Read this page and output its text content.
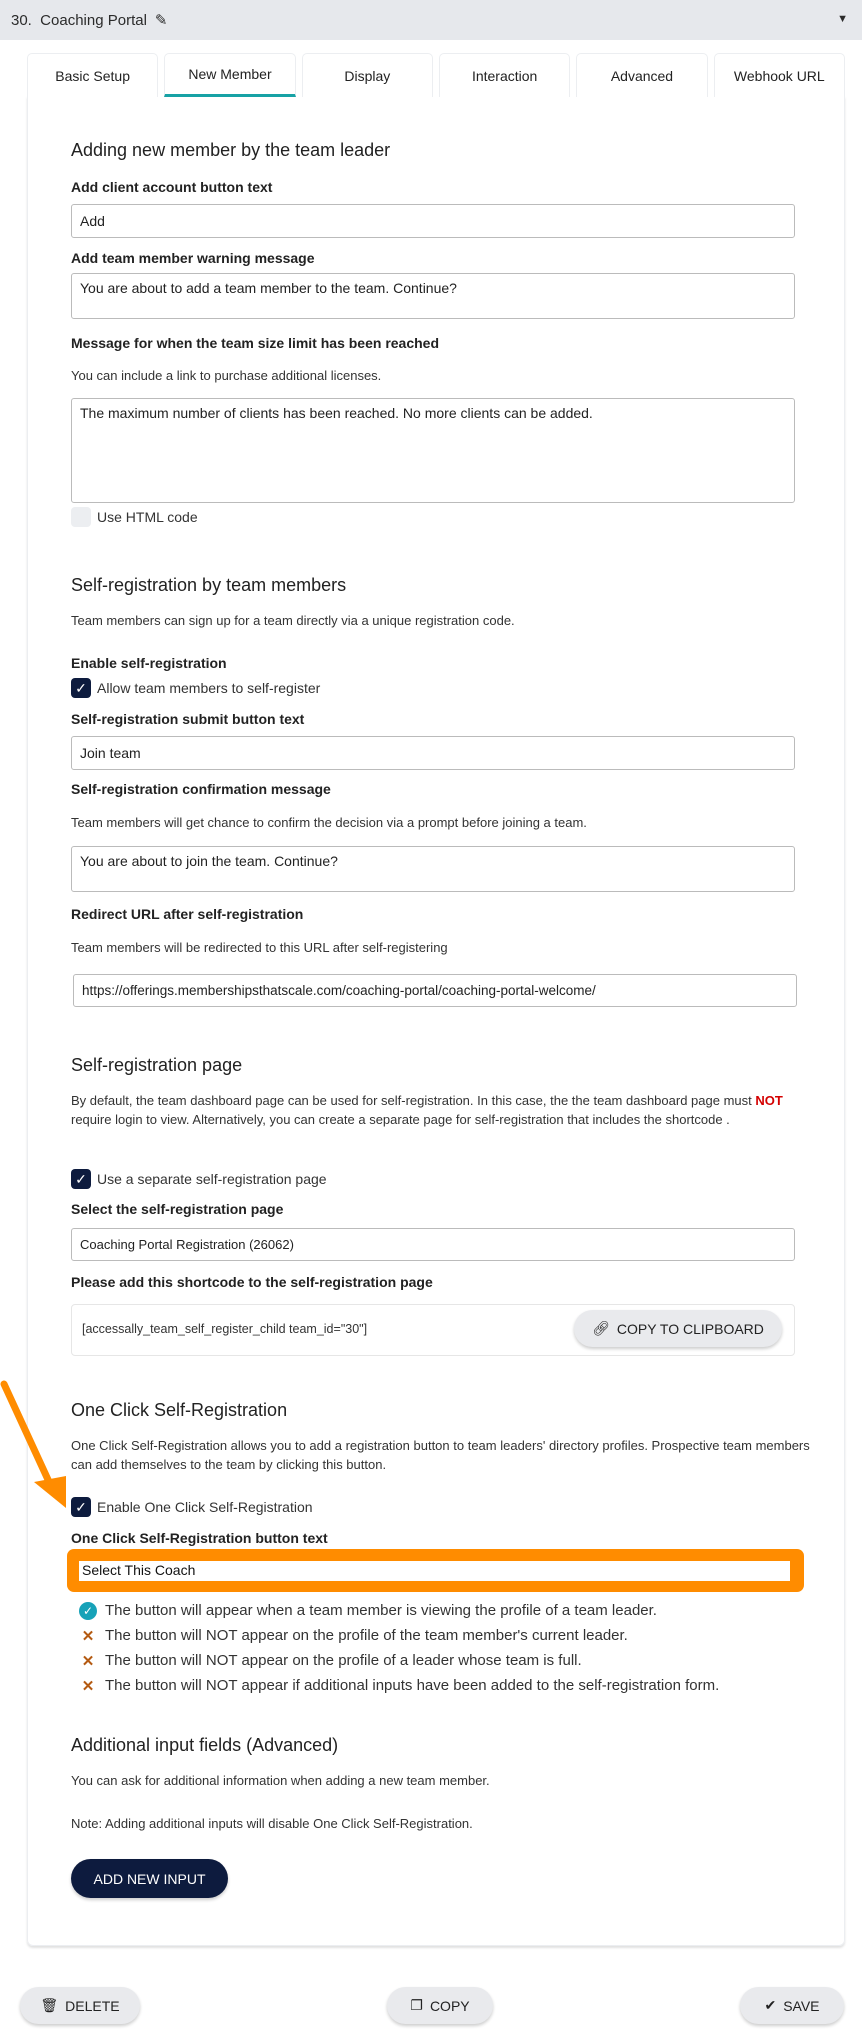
30.  Coaching Portal ✎	▼
Basic Setup	New Member	Display	Interaction	Advanced	Webhook URL
Adding new member by the team leader
Add client account button text
Add
Add team member warning message
You are about to add a team member to the team. Continue?
Message for when the team size limit has been reached
You can include a link to purchase additional licenses.
The maximum number of clients has been reached. No more clients can be added.
Use HTML code
Self-registration by team members
Team members can sign up for a team directly via a unique registration code.
Enable self-registration
✓ Allow team members to self-register
Self-registration submit button text
Join team
Self-registration confirmation message
Team members will get chance to confirm the decision via a prompt before joining a team.
You are about to join the team. Continue?
Redirect URL after self-registration
Team members will be redirected to this URL after self-registering
https://offerings.membershipsthatscale.com/coaching-portal/coaching-portal-welcome/
Self-registration page
By default, the team dashboard page can be used for self-registration. In this case, the the team dashboard page must NOT require login to view. Alternatively, you can create a separate page for self-registration that includes the shortcode .
✓ Use a separate self-registration page
Select the self-registration page
Coaching Portal Registration (26062)
Please add this shortcode to the self-registration page
[accessally_team_self_register_child team_id="30"]	🔗︎ COPY TO CLIPBOARD
One Click Self-Registration
One Click Self-Registration allows you to add a registration button to team leaders' directory profiles. Prospective team members can add themselves to the team by clicking this button.
✓ Enable One Click Self-Registration
One Click Self-Registration button text
Select This Coach
✓ The button will appear when a team member is viewing the profile of a team leader.
✕ The button will NOT appear on the profile of the team member's current leader.
✕ The button will NOT appear on the profile of a leader whose team is full.
✕ The button will NOT appear if additional inputs have been added to the self-registration form.
Additional input fields (Advanced)
You can ask for additional information when adding a new team member.
Note: Adding additional inputs will disable One Click Self-Registration.
ADD NEW INPUT
🗑︎ DELETE	❐ COPY	✔ SAVE
